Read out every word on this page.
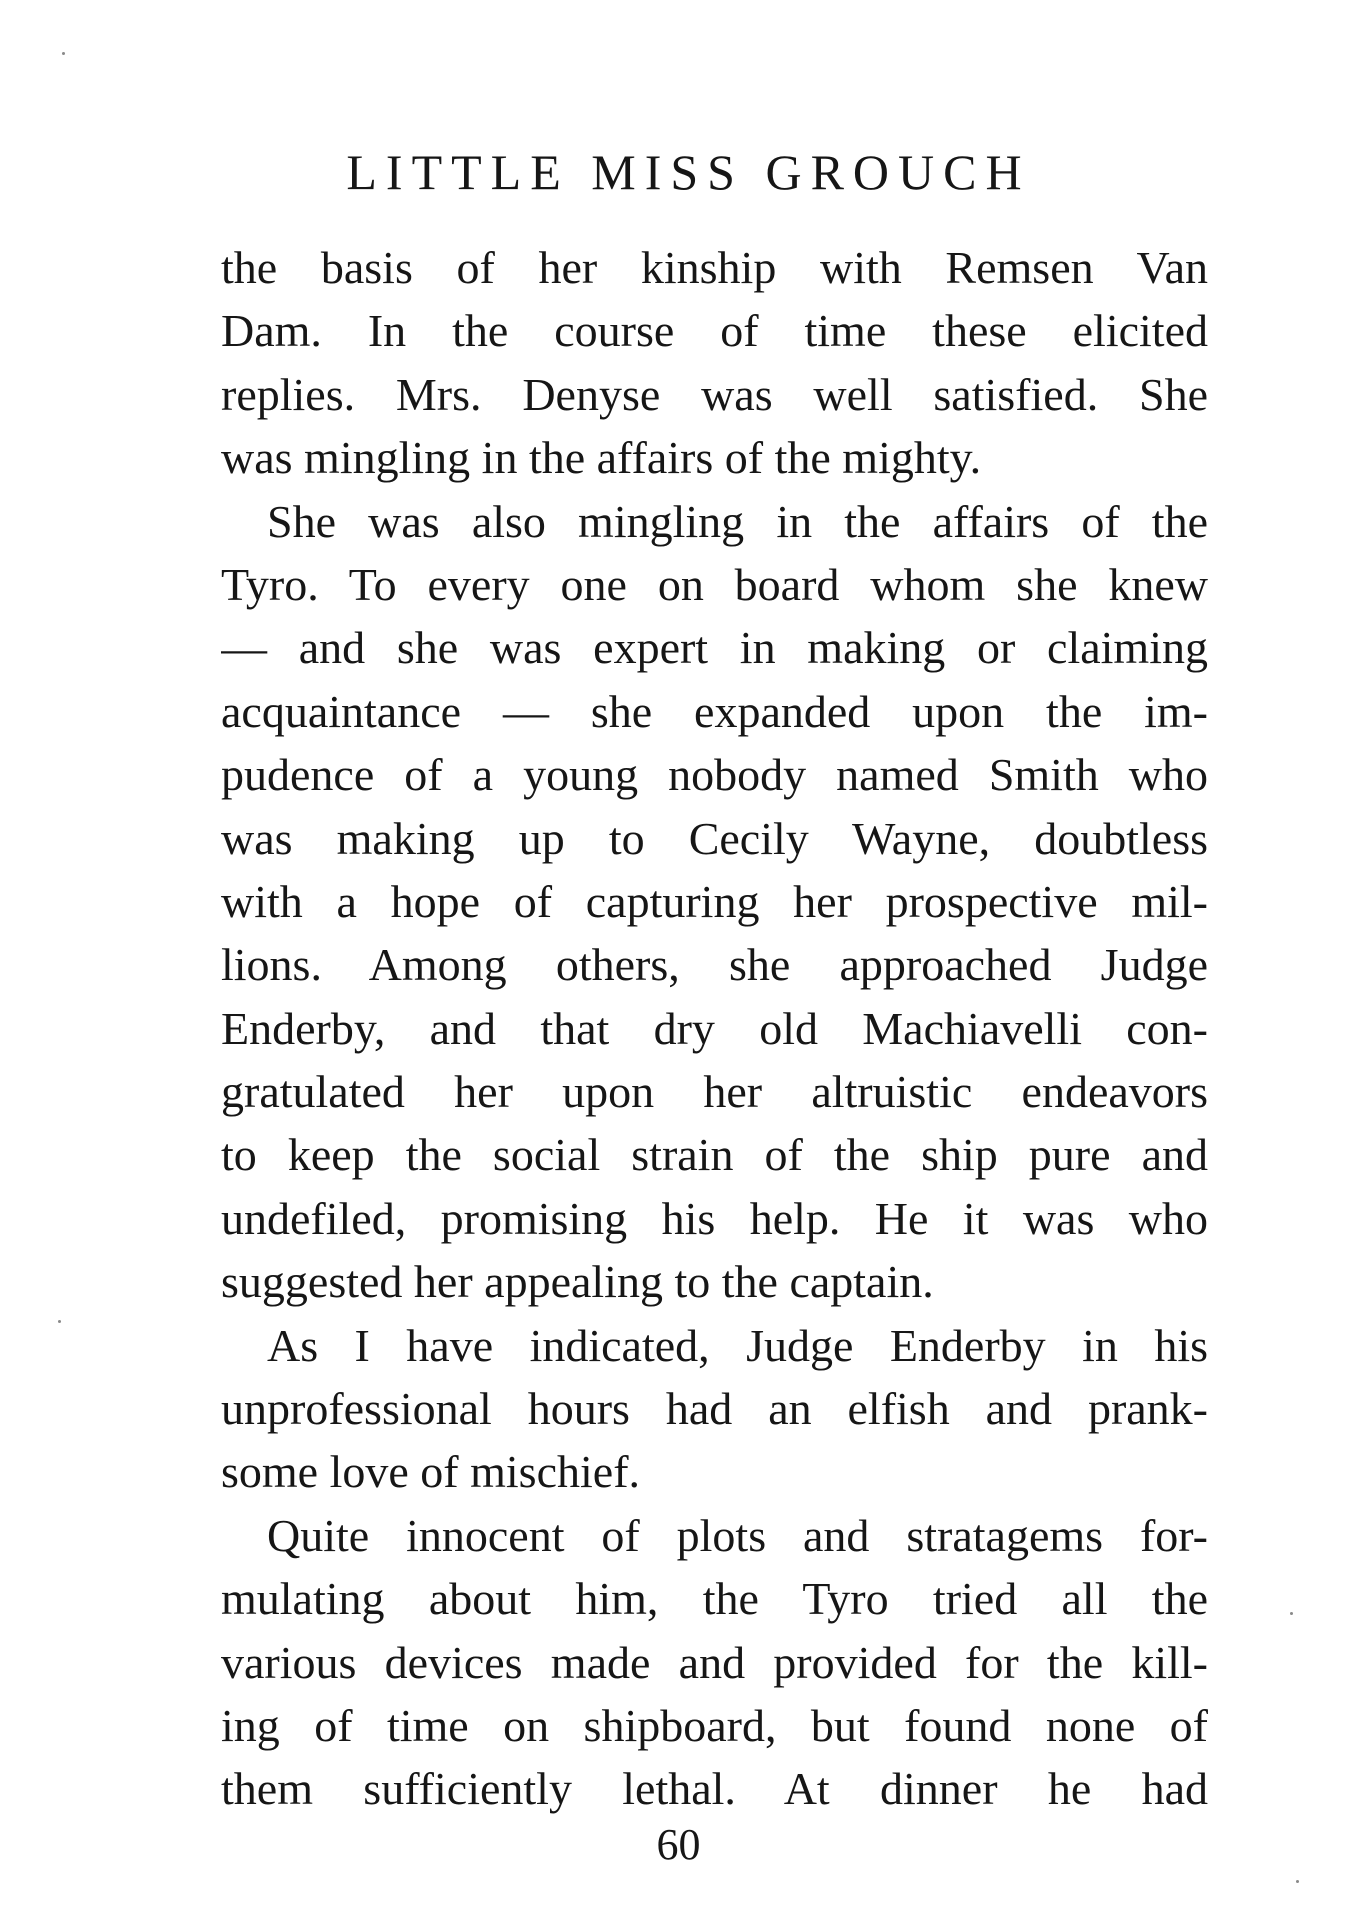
LITTLE MISS GROUCH
the basis of her kinship with Remsen Van
Dam. In the course of time these elicited
replies. Mrs. Denyse was well satisfied. She
was mingling in the affairs of the mighty.
She was also mingling in the affairs of the
Tyro. To every one on board whom she knew
— and she was expert in making or claiming
acquaintance — she expanded upon the im-
pudence of a young nobody named Smith who
was making up to Cecily Wayne, doubtless
with a hope of capturing her prospective mil-
lions. Among others, she approached Judge
Enderby, and that dry old Machiavelli con-
gratulated her upon her altruistic endeavors
to keep the social strain of the ship pure and
undefiled, promising his help. He it was who
suggested her appealing to the captain.
As I have indicated, Judge Enderby in his
unprofessional hours had an elfish and prank-
some love of mischief.
Quite innocent of plots and stratagems for-
mulating about him, the Tyro tried all the
various devices made and provided for the kill-
ing of time on shipboard, but found none of
them sufficiently lethal. At dinner he had
60
